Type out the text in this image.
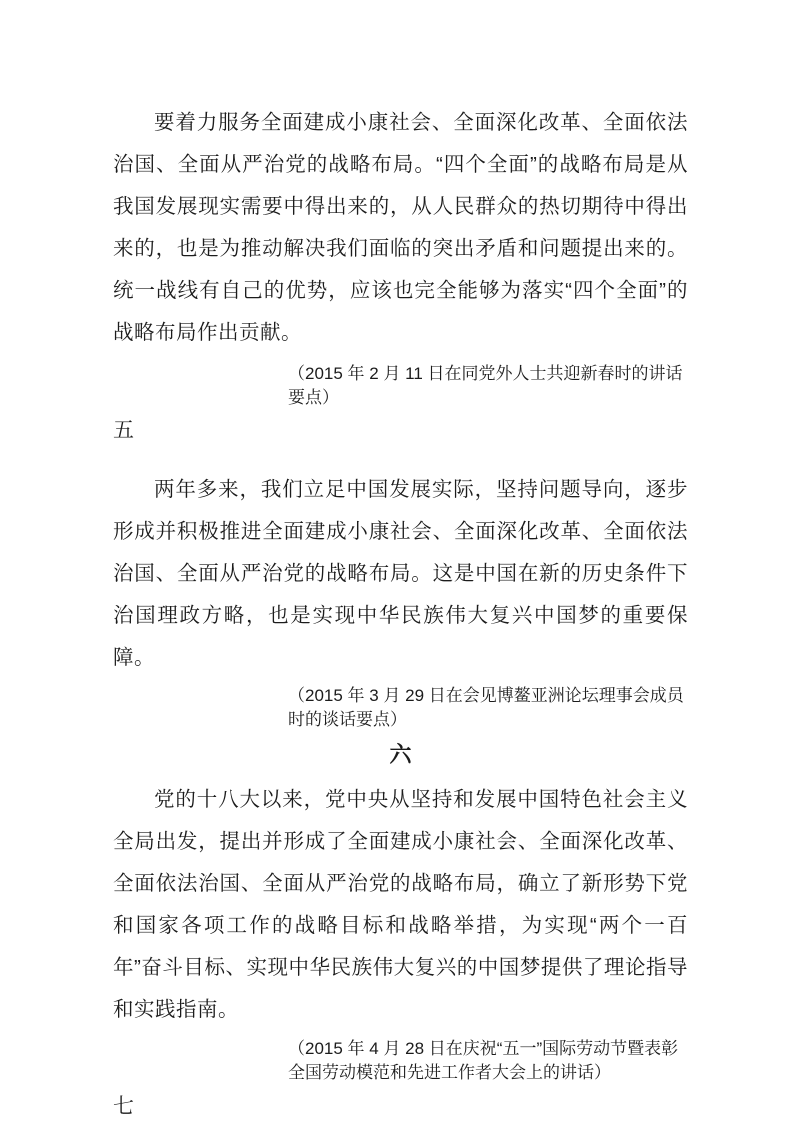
要着力服务全面建成小康社会、全面深化改革、全面依法治国、全面从严治党的战略布局。“四个全面”的战略布局是从我国发展现实需要中得出来的，从人民群众的热切期待中得出来的，也是为推动解决我们面临的突出矛盾和问题提出来的。统一战线有自己的优势，应该也完全能够为落实“四个全面”的战略布局作出贡献。

（2015 年 2 月 11 日在同党外人士共迎新春时的讲话要点）

五

两年多来，我们立足中国发展实际，坚持问题导向，逐步形成并积极推进全面建成小康社会、全面深化改革、全面依法治国、全面从严治党的战略布局。这是中国在新的历史条件下治国理政方略，也是实现中华民族伟大复兴中国梦的重要保障。

（2015 年 3 月 29 日在会见博鳌亚洲论坛理事会成员时的谈话要点）

六

党的十八大以来，党中央从坚持和发展中国特色社会主义全局出发，提出并形成了全面建成小康社会、全面深化改革、全面依法治国、全面从严治党的战略布局，确立了新形势下党和国家各项工作的战略目标和战略举措，为实现“两个一百年”奋斗目标、实现中华民族伟大复兴的中国梦提供了理论指导和实践指南。

（2015 年 4 月 28 日在庆祝“五一”国际劳动节暨表彰全国劳动模范和先进工作者大会上的讲话）

七
